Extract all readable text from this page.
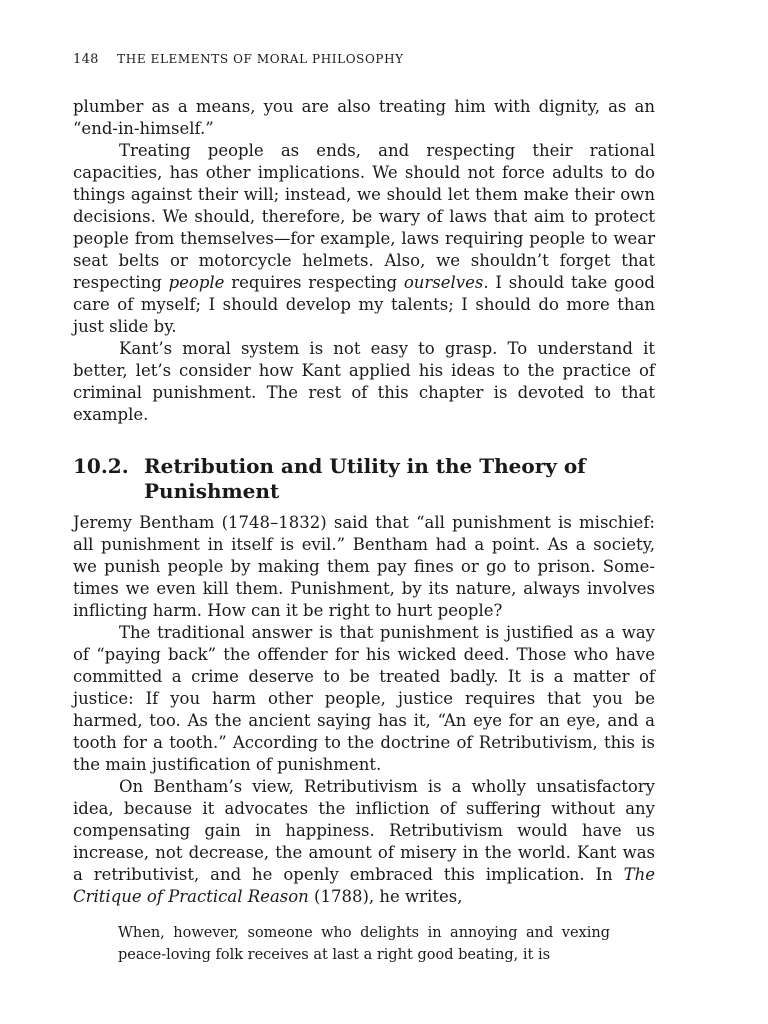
148 THE ELEMENTS OF MORAL PHILOSOPHY

plumber as a means, you are also treating him with dignity, as an “end-in-himself.”

Treating people as ends, and respecting their rational capacities, has other implications. We should not force adults to do things against their will; instead, we should let them make their own decisions. We should, therefore, be wary of laws that aim to protect people from themselves—for example, laws requiring people to wear seat belts or motorcycle helmets. Also, we shouldn’t forget that respecting people requires respecting ourselves. I should take good care of myself; I should develop my talents; I should do more than just slide by.

Kant’s moral system is not easy to grasp. To understand it better, let’s consider how Kant applied his ideas to the practice of criminal punishment. The rest of this chapter is devoted to that example.

10.2. Retribution and Utility in the Theory of Punishment

Jeremy Bentham (1748–1832) said that “all punishment is mischief: all punishment in itself is evil.” Bentham had a point. As a society, we punish people by making them pay fines or go to prison. Sometimes we even kill them. Punishment, by its nature, always involves inflicting harm. How can it be right to hurt people?

The traditional answer is that punishment is justified as a way of “paying back” the offender for his wicked deed. Those who have committed a crime deserve to be treated badly. It is a matter of justice: If you harm other people, justice requires that you be harmed, too. As the ancient saying has it, “An eye for an eye, and a tooth for a tooth.” According to the doctrine of Retributivism, this is the main justification of punishment.

On Bentham’s view, Retributivism is a wholly unsatisfactory idea, because it advocates the infliction of suffering without any compensating gain in happiness. Retributivism would have us increase, not decrease, the amount of misery in the world. Kant was a retributivist, and he openly embraced this implication. In The Critique of Practical Reason (1788), he writes,

When, however, someone who delights in annoying and vexing peace-loving folk receives at last a right good beating, it is
